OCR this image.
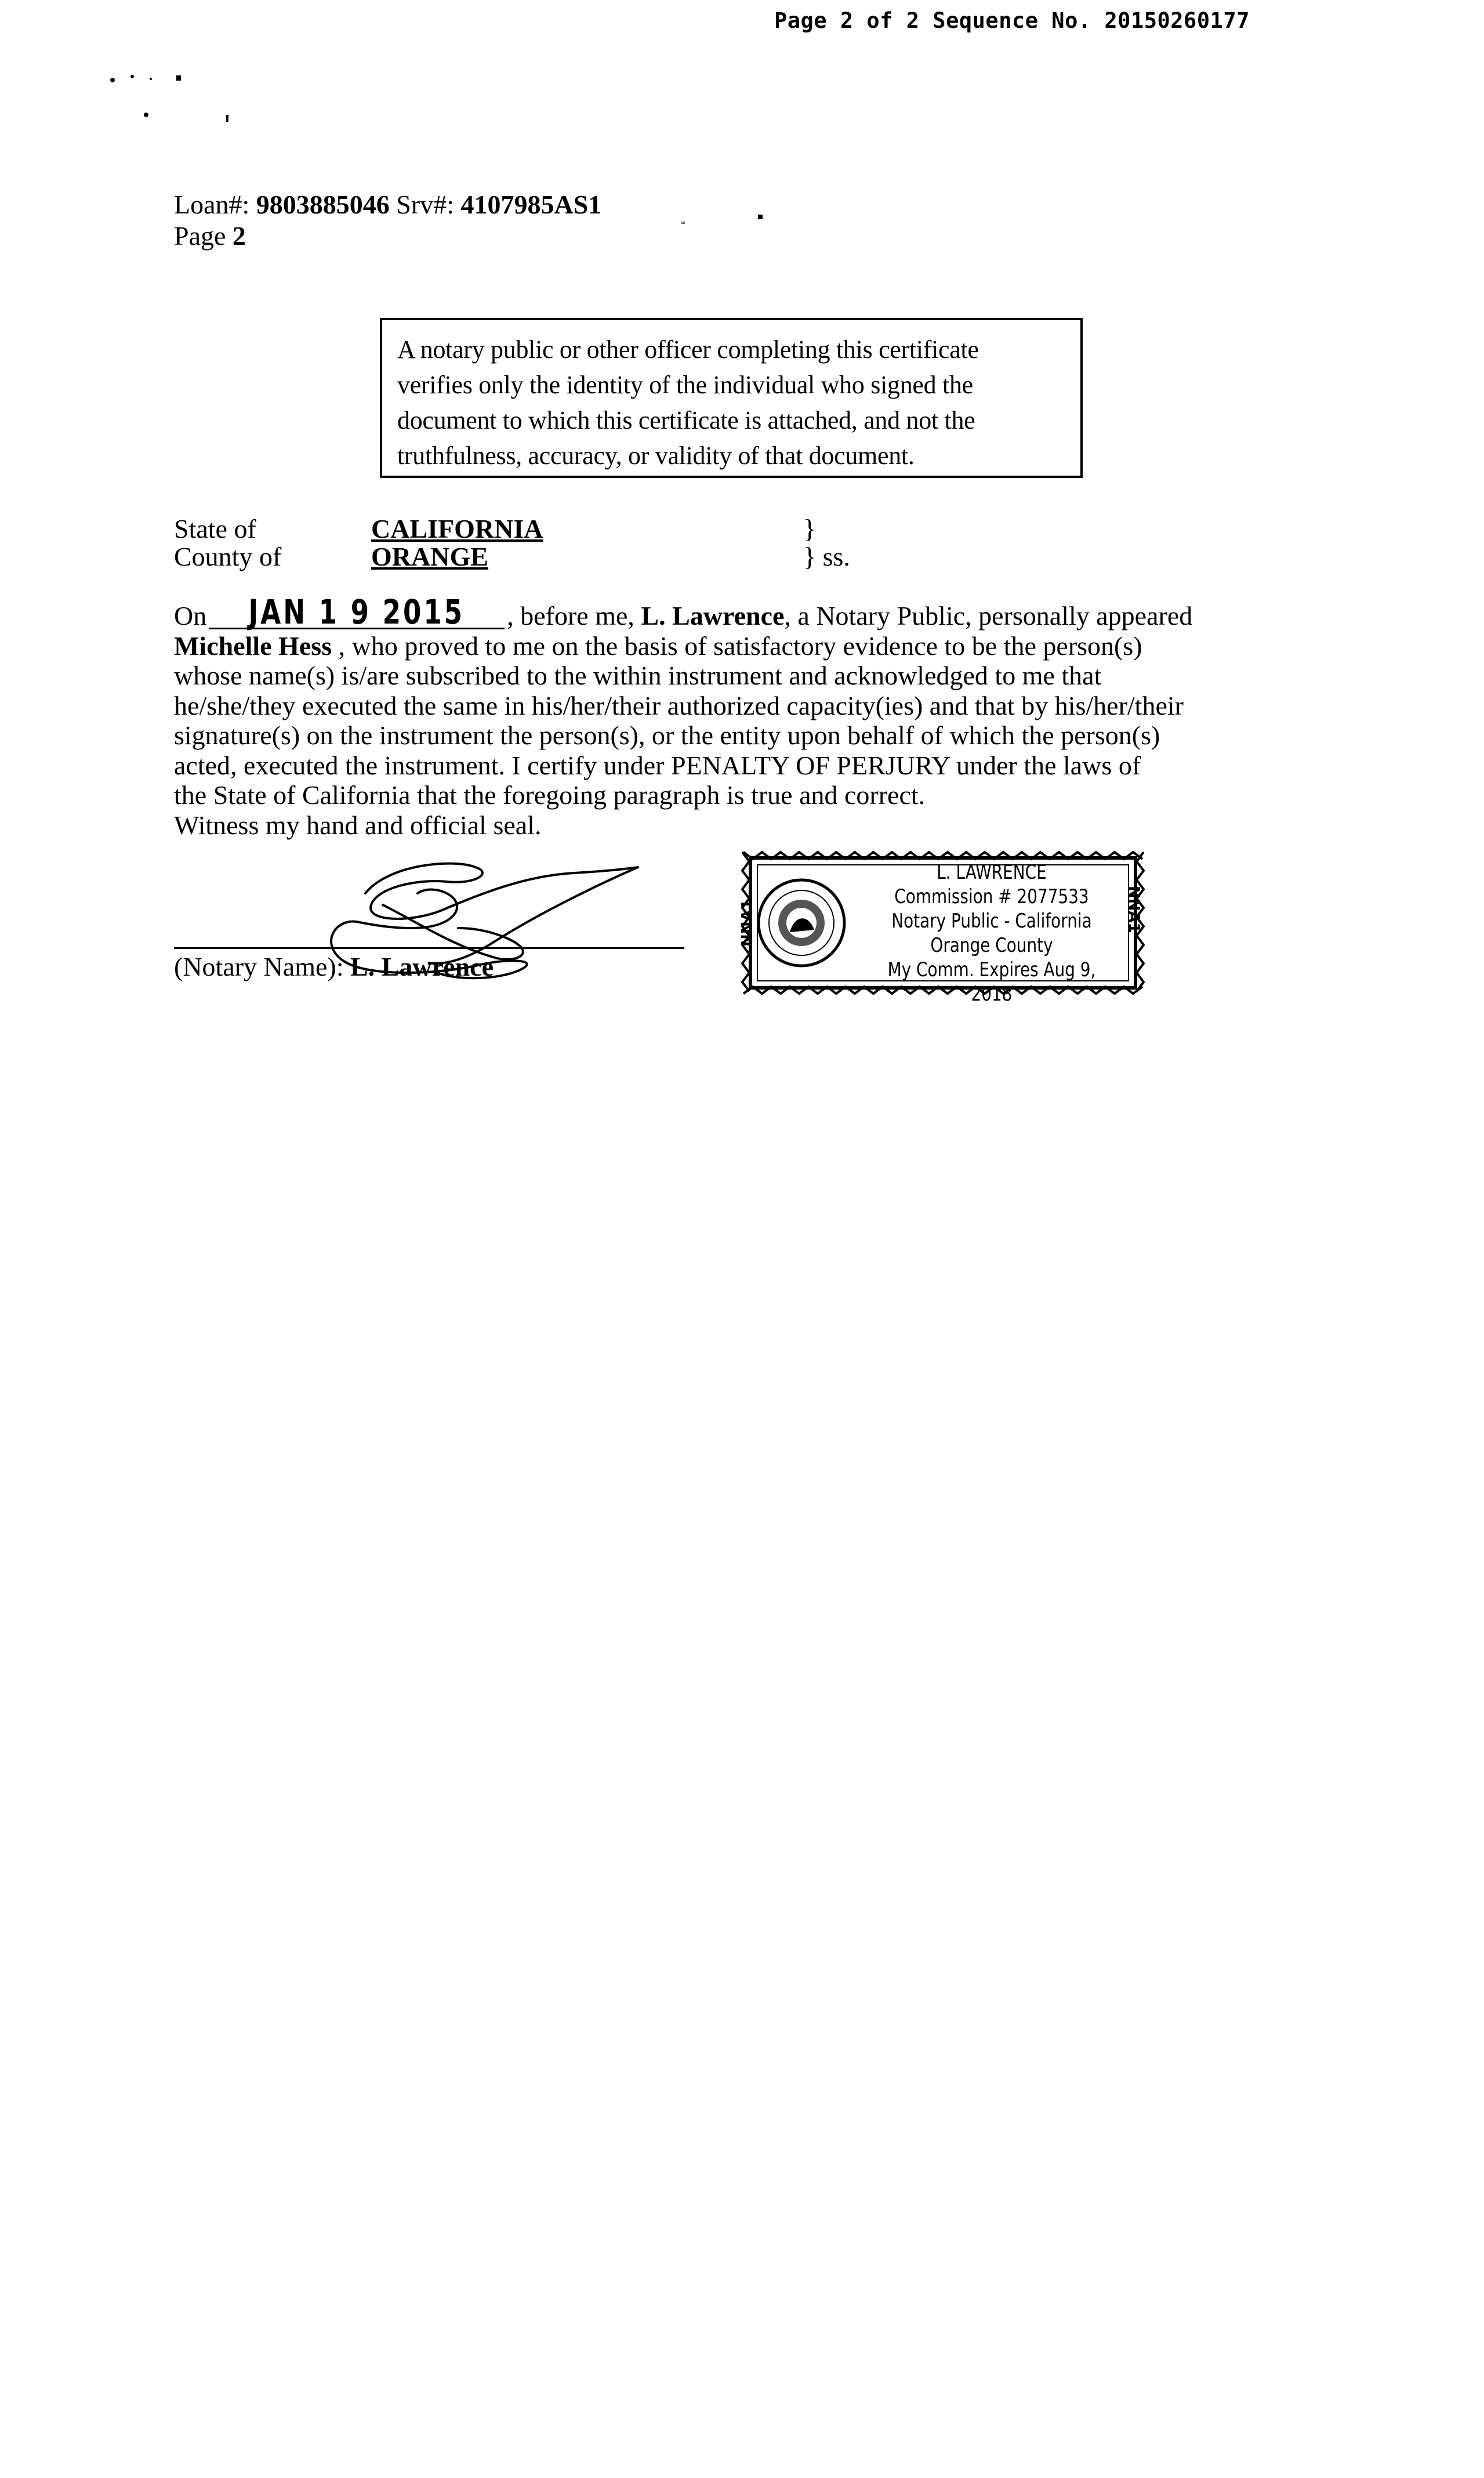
Page 2 of 2 Sequence No. 20150260177
Loan#: 9803885046 Srv#: 4107985AS1
Page 2
A notary public or other officer completing this certificate
verifies only the identity of the individual who signed the
document to which this certificate is attached, and not the
truthfulness, accuracy, or validity of that document.
State of	CALIFORNIA	}
County of	ORANGE	} ss.
On JAN 1 9 2015 , before me, L. Lawrence, a Notary Public, personally appeared
Michelle Hess , who proved to me on the basis of satisfactory evidence to be the person(s)
whose name(s) is/are subscribed to the within instrument and acknowledged to me that
he/she/they executed the same in his/her/their authorized capacity(ies) and that by his/her/their
signature(s) on the instrument the person(s), or the entity upon behalf of which the person(s)
acted, executed the instrument. I certify under PENALTY OF PERJURY under the laws of
the State of California that the foregoing paragraph is true and correct.
Witness my hand and official seal.
(Notary Name): L. Lawrence
NNA1	NNA1
L. LAWRENCE
Commission # 2077533
Notary Public - California
Orange County
My Comm. Expires Aug 9, 2018
